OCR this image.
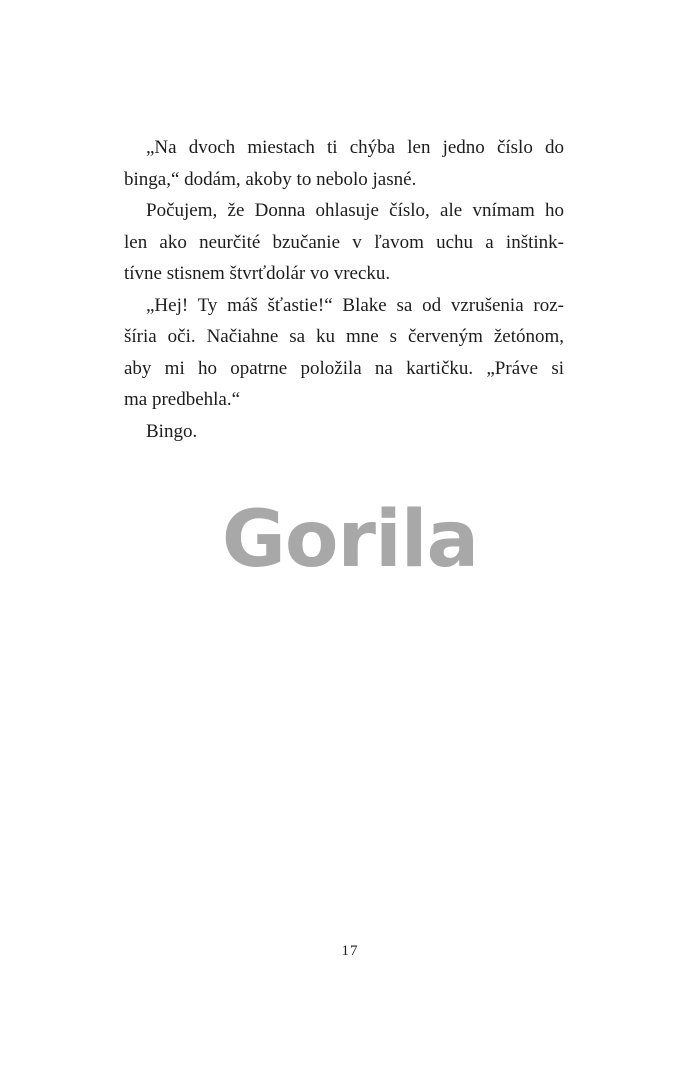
„Na dvoch miestach ti chýba len jedno číslo do
binga,“ dodám, akoby to nebolo jasné.
Počujem, že Donna ohlasuje číslo, ale vnímam ho
len ako neurčité bzučanie v ľavom uchu a inštink-
tívne stisnem štvrťdolár vo vrecku.
„Hej! Ty máš šťastie!“ Blake sa od vzrušenia roz-
šíria oči. Načiahne sa ku mne s červeným žetónom,
aby mi ho opatrne položila na kartičku. „Práve si
ma predbehla.“
Bingo.
Gorila
17
